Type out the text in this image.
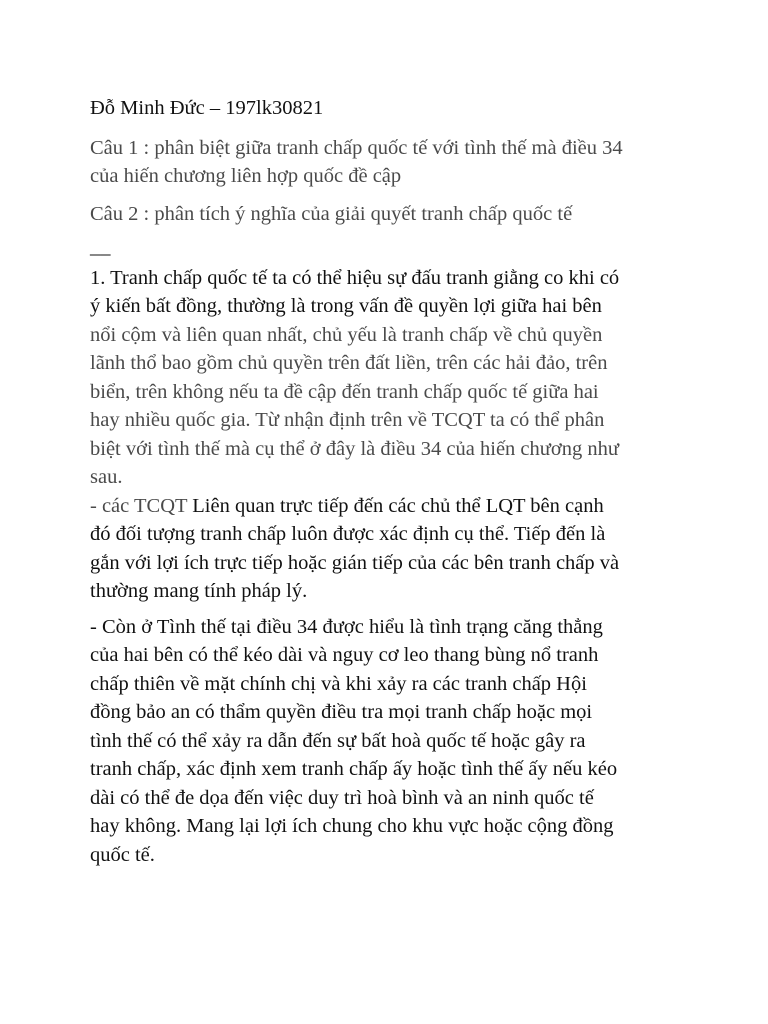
Đỗ Minh Đức – 197lk30821

Câu 1 : phân biệt giữa tranh chấp quốc tế với tình thế mà điều 34

của hiến chương liên hợp quốc đề cập

Câu 2 : phân tích ý nghĩa của giải quyết tranh chấp quốc tế

__

1. Tranh chấp quốc tế ta có thể hiệu sự đấu tranh giằng co khi có

ý kiến bất đồng, thường là trong vấn đề quyền lợi giữa hai bên

nổi cộm và liên quan nhất, chủ yếu là tranh chấp về chủ quyền

lãnh thổ bao gồm chủ quyền trên đất liền, trên các hải đảo, trên

biển, trên không nếu ta đề cập đến tranh chấp quốc tế giữa hai

hay nhiều quốc gia. Từ nhận định trên về TCQT ta có thể phân

biệt với tình thế mà cụ thể ở đây là điều 34 của hiến chương như

sau.

- các TCQT Liên quan trực tiếp đến các chủ thể LQT bên cạnh

đó đối tượng tranh chấp luôn được xác định cụ thể. Tiếp đến là

gắn với lợi ích trực tiếp hoặc gián tiếp của các bên tranh chấp và

thường mang tính pháp lý.

- Còn ở Tình thế tại điều 34 được hiểu là tình trạng căng thẳng

của hai bên có thể kéo dài và nguy cơ leo thang bùng nổ tranh

chấp thiên về mặt chính chị và khi xảy ra các tranh chấp Hội

đồng bảo an có thẩm quyền điều tra mọi tranh chấp hoặc mọi

tình thế có thể xảy ra dẫn đến sự bất hoà quốc tế hoặc gây ra

tranh chấp, xác định xem tranh chấp ấy hoặc tình thế ấy nếu kéo

dài có thể đe dọa đến việc duy trì hoà bình và an ninh quốc tế

hay không. Mang lại lợi ích chung cho khu vực hoặc cộng đồng

quốc tế.
